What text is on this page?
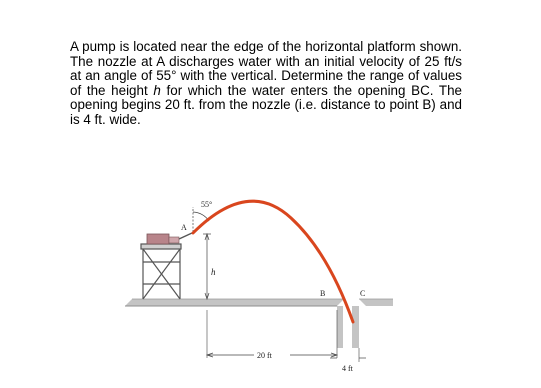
A pump is located near the edge of the horizontal platform shown. The nozzle at A discharges water with an initial velocity of 25 ft/s at an angle of 55° with the vertical. Determine the range of values of the height h for which the water enters the opening BC. The opening begins 20 ft. from the nozzle (i.e. distance to point B) and is 4 ft. wide.

55°
A
h
B	C
20 ft
4 ft
